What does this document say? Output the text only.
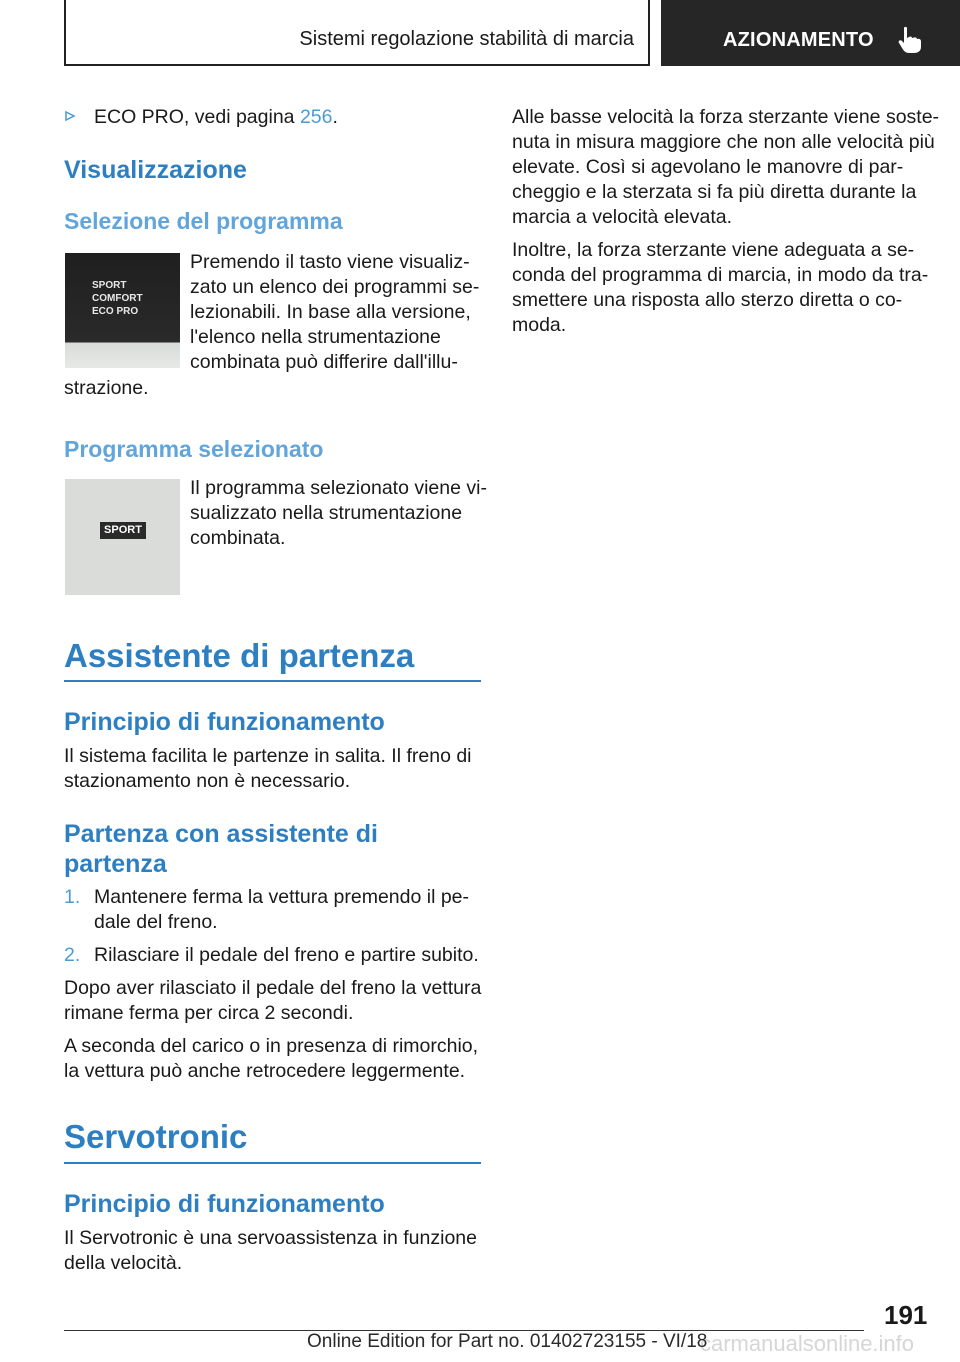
Sistemi regolazione stabilità di marcia	AZIONAMENTO
ECO PRO, vedi pagina 256.
Visualizzazione
Selezione del programma
SPORT
COMFORT
ECO PRO
Premendo il tasto viene visualiz-
zato un elenco dei programmi se-
lezionabili. In base alla versione,
l'elenco nella strumentazione
combinata può differire dall'illu-
strazione.
Programma selezionato
SPORT
Il programma selezionato viene vi-
sualizzato nella strumentazione
combinata.
Assistente di partenza
Principio di funzionamento
Il sistema facilita le partenze in salita. Il freno di
stazionamento non è necessario.
Partenza con assistente di
partenza
1. Mantenere ferma la vettura premendo il pe-
dale del freno.
2. Rilasciare il pedale del freno e partire subito.
Dopo aver rilasciato il pedale del freno la vettura
rimane ferma per circa 2 secondi.
A seconda del carico o in presenza di rimorchio,
la vettura può anche retrocedere leggermente.
Servotronic
Principio di funzionamento
Il Servotronic è una servoassistenza in funzione
della velocità.
Alle basse velocità la forza sterzante viene soste-
nuta in misura maggiore che non alle velocità più
elevate. Così si agevolano le manovre di par-
cheggio e la sterzata si fa più diretta durante la
marcia a velocità elevata.
Inoltre, la forza sterzante viene adeguata a se-
conda del programma di marcia, in modo da tra-
smettere una risposta allo sterzo diretta o co-
moda.
191
carmanualsonline.info
Online Edition for Part no. 01402723155 - VI/18
